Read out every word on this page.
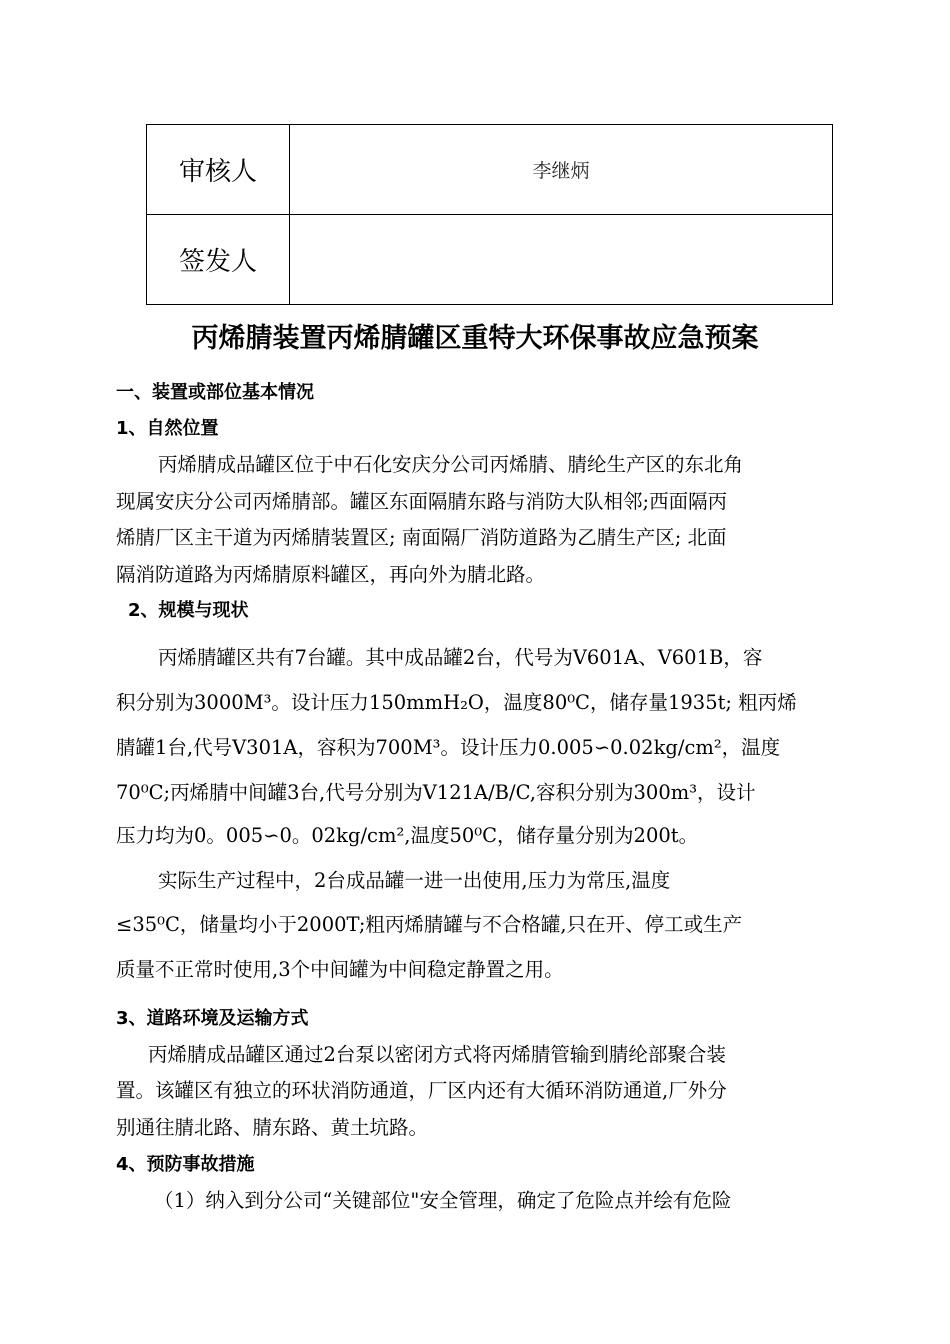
审核人	李继炳
签发人	
丙烯腈装置丙烯腈罐区重特大环保事故应急预案
一、装置或部位基本情况
1、自然位置
丙烯腈成品罐区位于中石化安庆分公司丙烯腈、腈纶生产区的东北角
现属安庆分公司丙烯腈部。罐区东面隔腈东路与消防大队相邻;西面隔丙
烯腈厂区主干道为丙烯腈装置区; 南面隔厂消防道路为乙腈生产区; 北面
隔消防道路为丙烯腈原料罐区，再向外为腈北路。
2、规模与现状
丙烯腈罐区共有7台罐。其中成品罐2台，代号为V601A、V601B，容
积分别为3000M³。设计压力150mmH₂O，温度80⁰C，储存量1935t; 粗丙烯
腈罐1台,代号V301A，容积为700M³。设计压力0.005∽0.02kg/cm²，温度
70⁰C;丙烯腈中间罐3台,代号分别为V121A/B/C,容积分别为300m³，设计
压力均为0。005∽0。02kg/cm²,温度50⁰C，储存量分别为200t。
实际生产过程中，2台成品罐一进一出使用,压力为常压,温度
≤35⁰C，储量均小于2000T;粗丙烯腈罐与不合格罐,只在开、停工或生产
质量不正常时使用,3个中间罐为中间稳定静置之用。
3、道路环境及运输方式
丙烯腈成品罐区通过2台泵以密闭方式将丙烯腈管输到腈纶部聚合装
置。该罐区有独立的环状消防通道，厂区内还有大循环消防通道,厂外分
别通往腈北路、腈东路、黄土坑路。
4、预防事故措施
（1）纳入到分公司“关键部位"安全管理，确定了危险点并绘有危险
